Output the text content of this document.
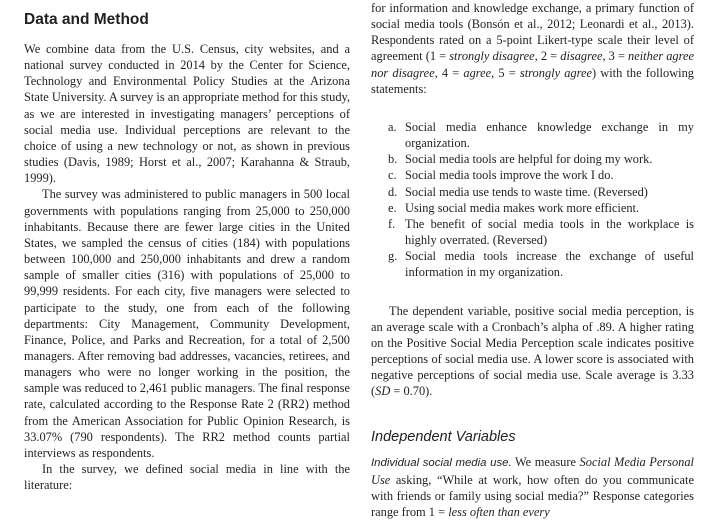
Data and Method

We combine data from the U.S. Census, city websites, and a national survey conducted in 2014 by the Center for Science, Technology and Environmental Policy Studies at the Arizona State University. A survey is an appropriate method for this study, as we are interested in investigating managers’ perceptions of social media use. Individual perceptions are relevant to the choice of using a new technology or not, as shown in previous studies (Davis, 1989; Horst et al., 2007; Karahanna & Straub, 1999).

The survey was administered to public managers in 500 local governments with populations ranging from 25,000 to 250,000 inhabitants. Because there are fewer large cities in the United States, we sampled the census of cities (184) with populations between 100,000 and 250,000 inhabitants and drew a random sample of smaller cities (316) with populations of 25,000 to 99,999 residents. For each city, five managers were selected to participate to the study, one from each of the following departments: City Management, Community Development, Finance, Police, and Parks and Recreation, for a total of 2,500 managers. After removing bad addresses, vacancies, retirees, and managers who were no longer working in the position, the sample was reduced to 2,461 public managers. The final response rate, calculated according to the Response Rate 2 (RR2) method from the American Association for Public Opinion Research, is 33.07% (790 respondents). The RR2 method counts partial interviews as respondents.

In the survey, we defined social media in line with the literature:

for information and knowledge exchange, a primary function of social media tools (Bonsón et al., 2012; Leonardi et al., 2013). Respondents rated on a 5-point Likert-type scale their level of agreement (1 = strongly disagree, 2 = disagree, 3 = neither agree nor disagree, 4 = agree, 5 = strongly agree) with the following statements:

a. Social media enhance knowledge exchange in my organization.
b. Social media tools are helpful for doing my work.
c. Social media tools improve the work I do.
d. Social media use tends to waste time. (Reversed)
e. Using social media makes work more efficient.
f. The benefit of social media tools in the workplace is highly overrated. (Reversed)
g. Social media tools increase the exchange of useful information in my organization.

The dependent variable, positive social media perception, is an average scale with a Cronbach’s alpha of .89. A higher rating on the Positive Social Media Perception scale indicates positive perceptions of social media use. A lower score is associated with negative perceptions of social media use. Scale average is 3.33 (SD = 0.70).

Independent Variables

Individual social media use. We measure Social Media Personal Use asking, “While at work, how often do you communicate with friends or family using social media?” Response categories range from 1 = less often than every
